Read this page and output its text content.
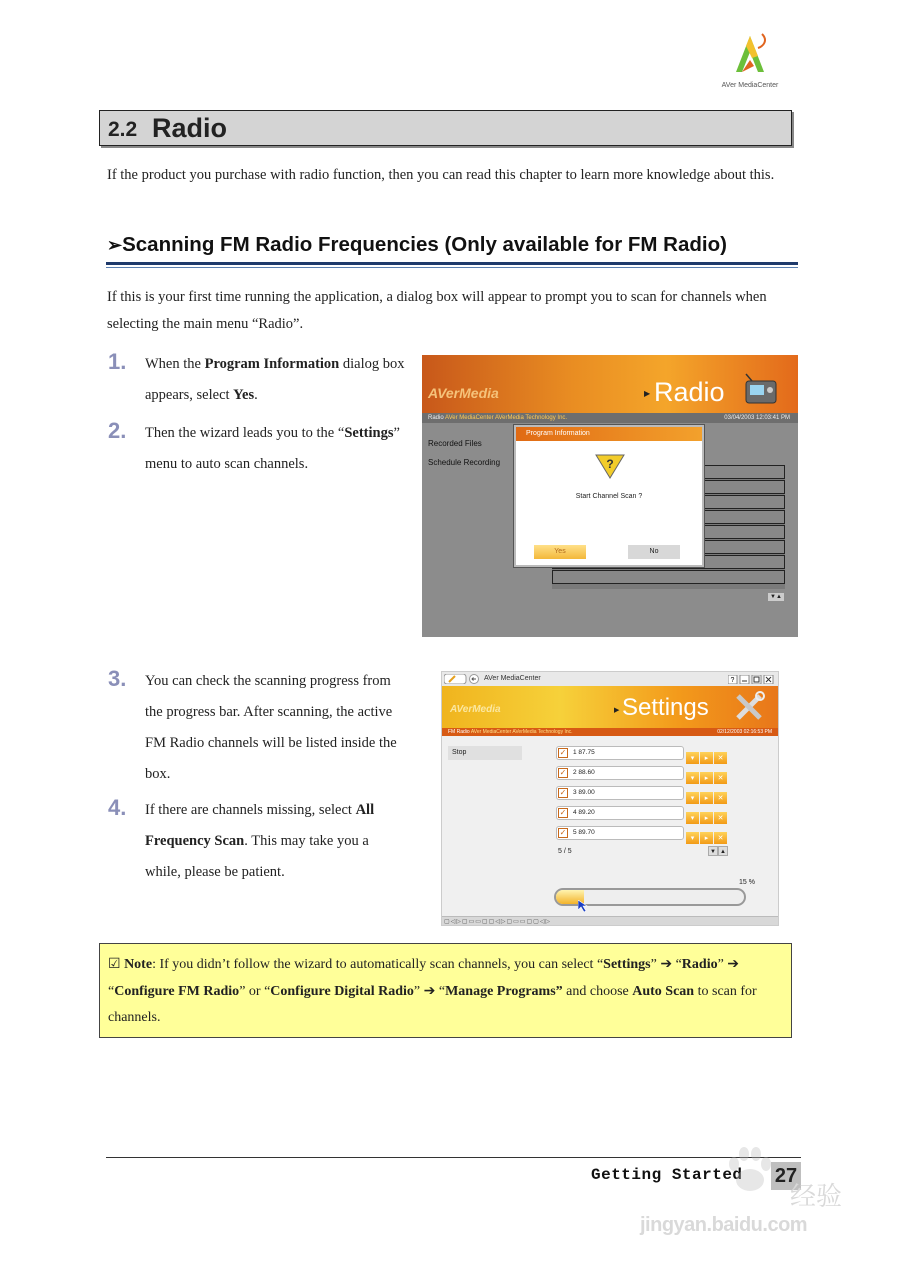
AVer MediaCenter
2.2 Radio
If the product you purchase with radio function, then you can read this chapter to learn more knowledge about this.
➢Scanning FM Radio Frequencies (Only available for FM Radio)
If this is your first time running the application, a dialog box will appear to prompt you to scan for channels when selecting the main menu “Radio”.
1. When the Program Information dialog box appears, select Yes.
2. Then the wizard leads you to the “Settings” menu to auto scan channels.
AVerMedia	▶ Radio
Radio AVer MediaCenter AVerMedia Technology Inc.	03/04/2003 12:03:41 PM
Recorded Files
Schedule Recording
▼▲
Program Information
?
Start Channel Scan ?
Yes	No
3. You can check the scanning progress from the progress bar. After scanning, the active FM Radio channels will be listed inside the box.
4. If there are channels missing, select All Frequency Scan. This may take you a while, please be patient.
AVer MediaCenter	?
AVerMedia	▶ Settings
FM Radio AVer MediaCenter AVerMedia Technology Inc.	02/12/2003 02:16:53 PM
Stop	✓ 1 87.75
▾ ▸ ✕
✓ 2 88.60
▾ ▸ ✕
✓ 3 89.00
▾ ▸ ✕
✓ 4 89.20
▾ ▸ ✕
✓ 5 89.70
▾ ▸ ✕
5 / 5	▼ ▲
15 %
▢◁▷▢▭▭▢▢◁▷▢▭▭▢▢◁▷
☑ Note: If you didn’t follow the wizard to automatically scan channels, you can select “Settings” ➔ “Radio” ➔ “Configure FM Radio” or “Configure Digital Radio” ➔ “Manage Programs” and choose Auto Scan to scan for channels.
Getting Started 27
经验
jingyan.baidu.com
